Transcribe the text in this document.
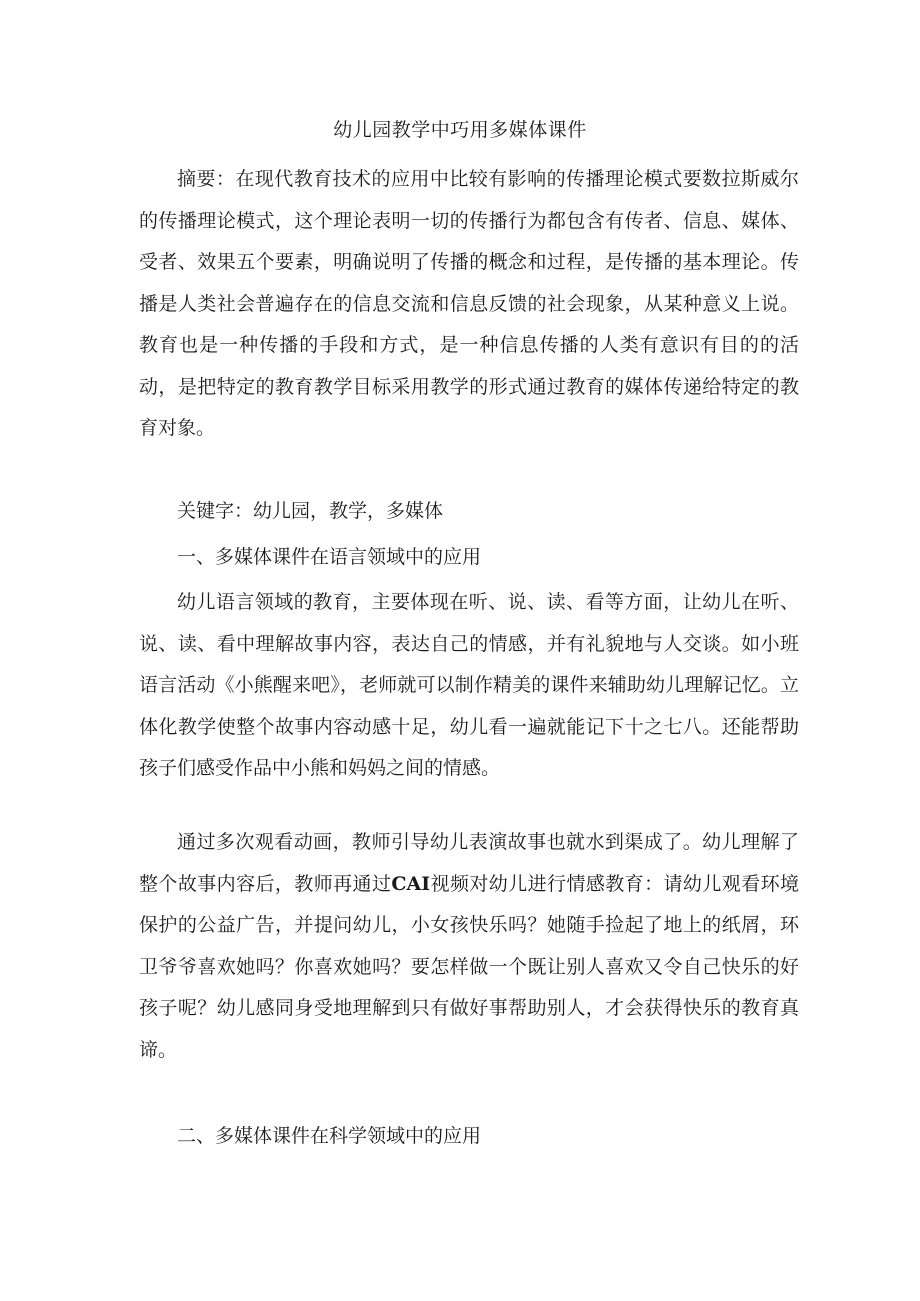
幼儿园教学中巧用多媒体课件

摘要：在现代教育技术的应用中比较有影响的传播理论模式要数拉斯威尔的传播理论模式，这个理论表明一切的传播行为都包含有传者、信息、媒体、受者、效果五个要素，明确说明了传播的概念和过程，是传播的基本理论。传播是人类社会普遍存在的信息交流和信息反馈的社会现象，从某种意义上说。教育也是一种传播的手段和方式，是一种信息传播的人类有意识有目的的活动，是把特定的教育教学目标采用教学的形式通过教育的媒体传递给特定的教育对象。

关键字：幼儿园，教学，多媒体

一、多媒体课件在语言领域中的应用

幼儿语言领域的教育，主要体现在听、说、读、看等方面，让幼儿在听、说、读、看中理解故事内容，表达自己的情感，并有礼貌地与人交谈。如小班语言活动《小熊醒来吧》，老师就可以制作精美的课件来辅助幼儿理解记忆。立体化教学使整个故事内容动感十足，幼儿看一遍就能记下十之七八。还能帮助孩子们感受作品中小熊和妈妈之间的情感。

通过多次观看动画，教师引导幼儿表演故事也就水到渠成了。幼儿理解了整个故事内容后，教师再通过CAI视频对幼儿进行情感教育：请幼儿观看环境保护的公益广告，并提问幼儿，小女孩快乐吗？她随手捡起了地上的纸屑，环卫爷爷喜欢她吗？你喜欢她吗？要怎样做一个既让别人喜欢又令自己快乐的好孩子呢？幼儿感同身受地理解到只有做好事帮助别人，才会获得快乐的教育真谛。

二、多媒体课件在科学领域中的应用
